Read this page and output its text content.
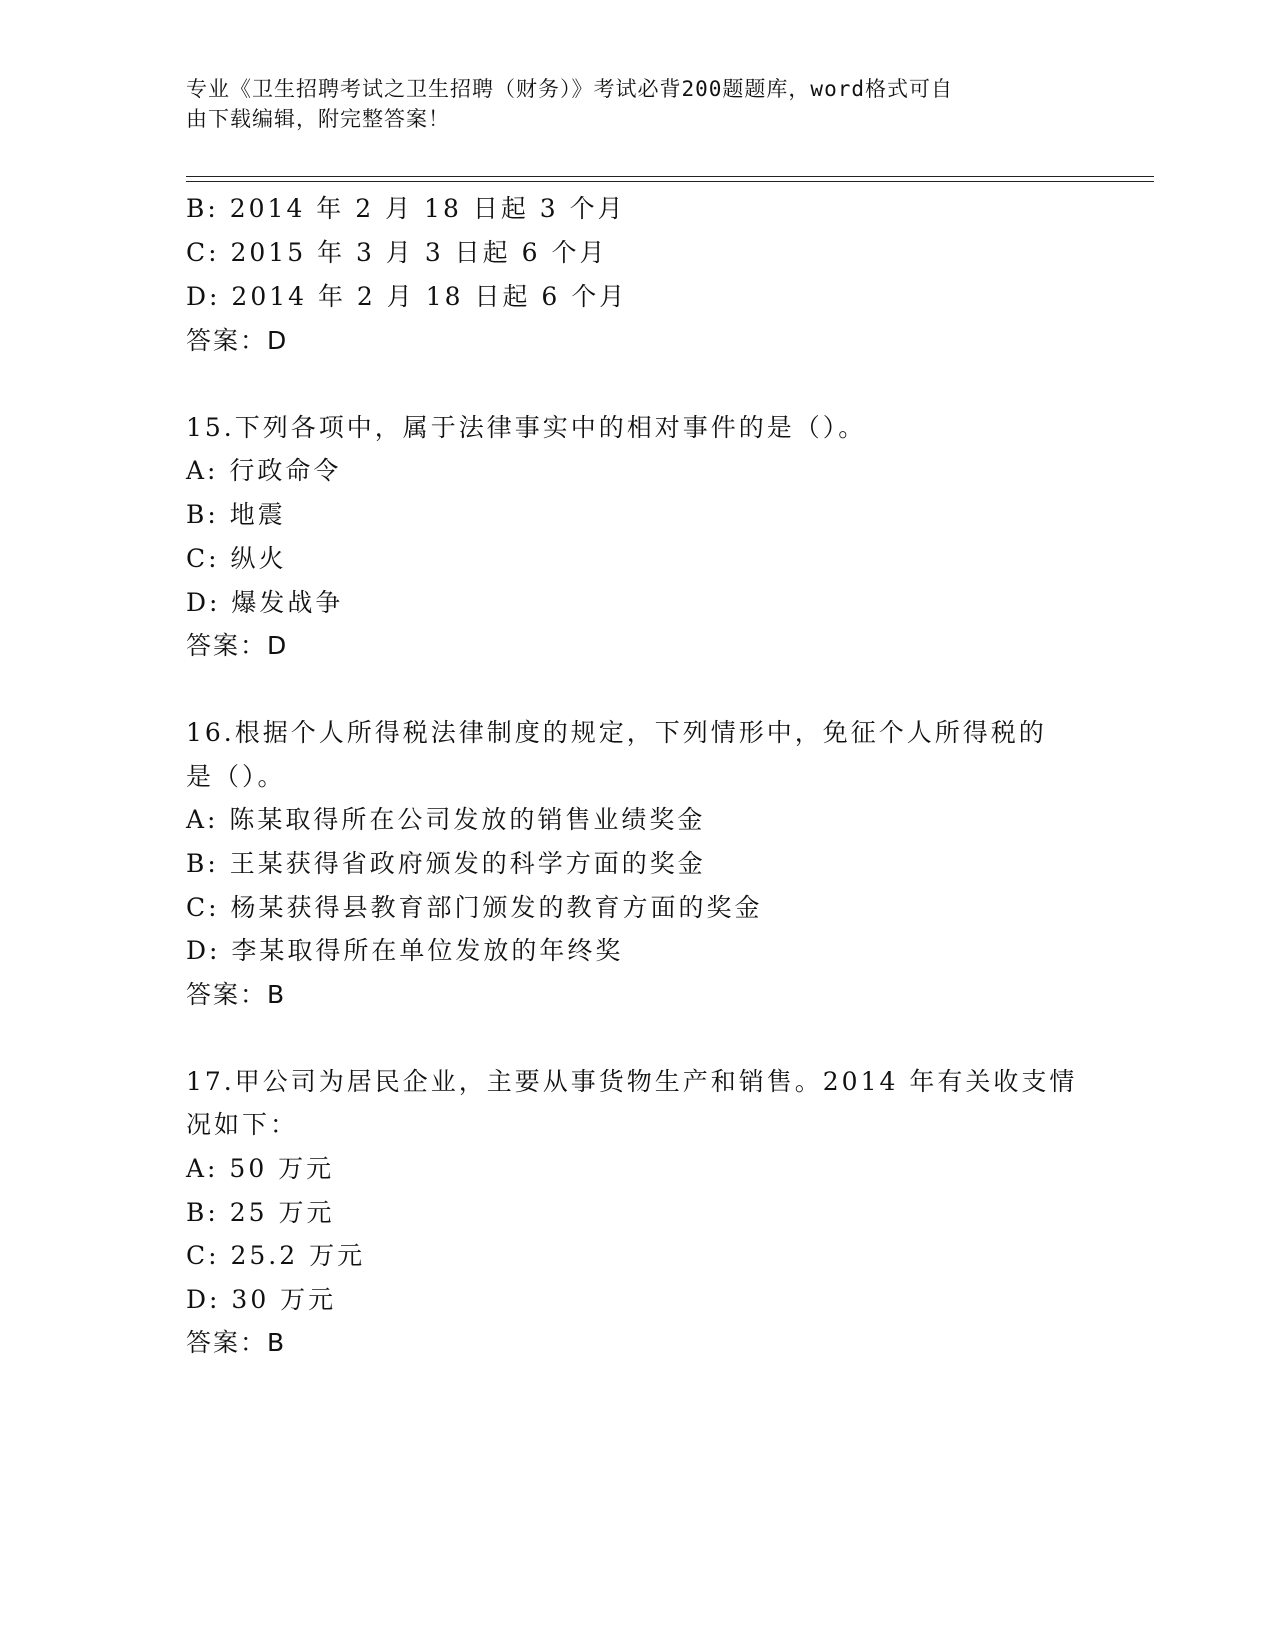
专业《卫生招聘考试之卫生招聘（财务）》考试必背200题题库，word格式可自
由下载编辑，附完整答案！
B: 2014 年 2 月 18 日起 3 个月
C: 2015 年 3 月 3 日起 6 个月
D: 2014 年 2 月 18 日起 6 个月
答案：D
15.下列各项中，属于法律事实中的相对事件的是（）。
A: 行政命令
B: 地震
C: 纵火
D: 爆发战争
答案：D
16.根据个人所得税法律制度的规定，下列情形中，免征个人所得税的
是（）。
A: 陈某取得所在公司发放的销售业绩奖金
B: 王某获得省政府颁发的科学方面的奖金
C: 杨某获得县教育部门颁发的教育方面的奖金
D: 李某取得所在单位发放的年终奖
答案：B
17.甲公司为居民企业，主要从事货物生产和销售。2014 年有关收支情
况如下：
A: 50 万元
B: 25 万元
C: 25.2 万元
D: 30 万元
答案：B
